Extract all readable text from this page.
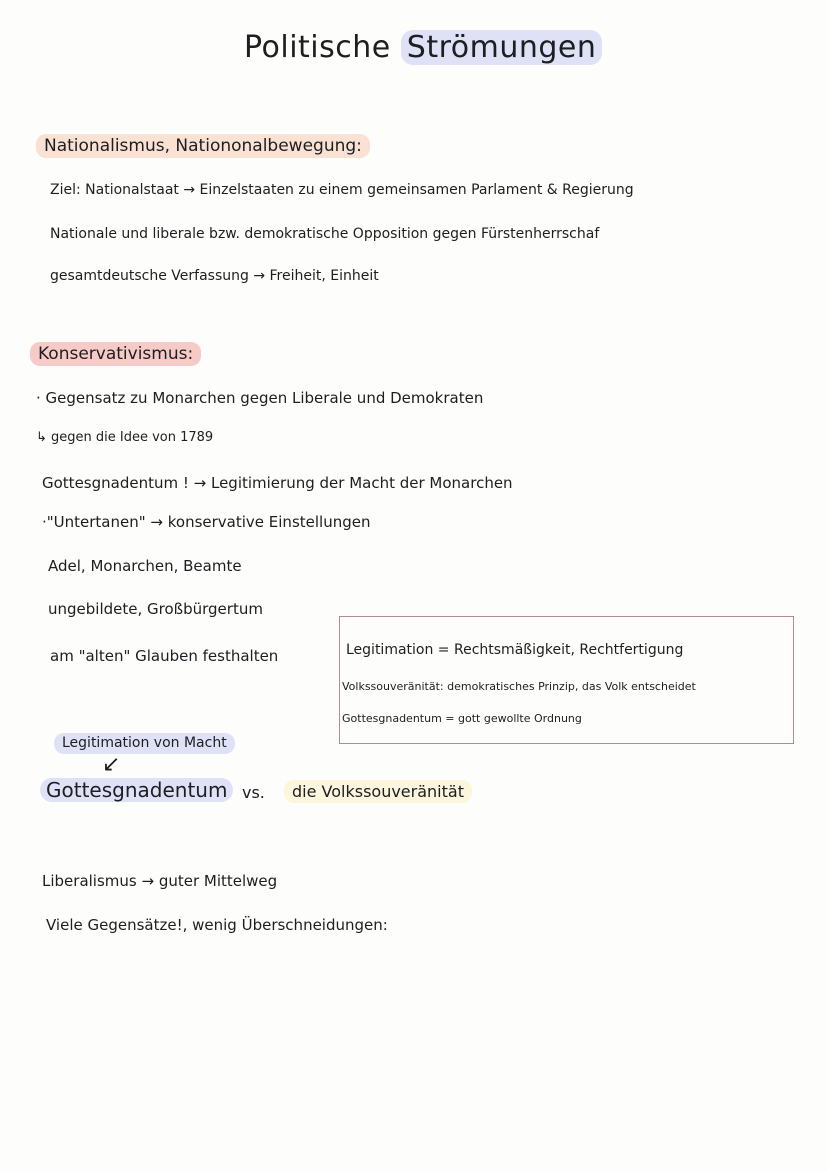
Politische Strömungen
Nationalismus, Nationonalbewegung:
Ziel: Nationalstaat → Einzelstaaten zu einem gemeinsamen Parlament & Regierung
Nationale und liberale bzw. demokratische Opposition gegen Fürstenherrschaf
gesamtdeutsche Verfassung → Freiheit, Einheit
Konservativismus:
· Gegensatz zu Monarchen gegen Liberale und Demokraten
↳ gegen die Idee von 1789
Gottesgnadentum ! → Legitimierung der Macht der Monarchen
·"Untertanen" → konservative Einstellungen
Adel, Monarchen, Beamte
ungebildete, Großbürgertum
am "alten" Glauben festhalten	Legitimation = Rechtsmäßigkeit, Rechtfertigung
Volkssouveränität: demokratisches Prinzip, das Volk entscheidet
Gottesgnadentum = gott gewollte Ordnung
Legitimation von Macht
↙
Gottesgnadentum vs.	die Volkssouveränität
Liberalismus → guter Mittelweg
Viele Gegensätze!, wenig Überschneidungen:
